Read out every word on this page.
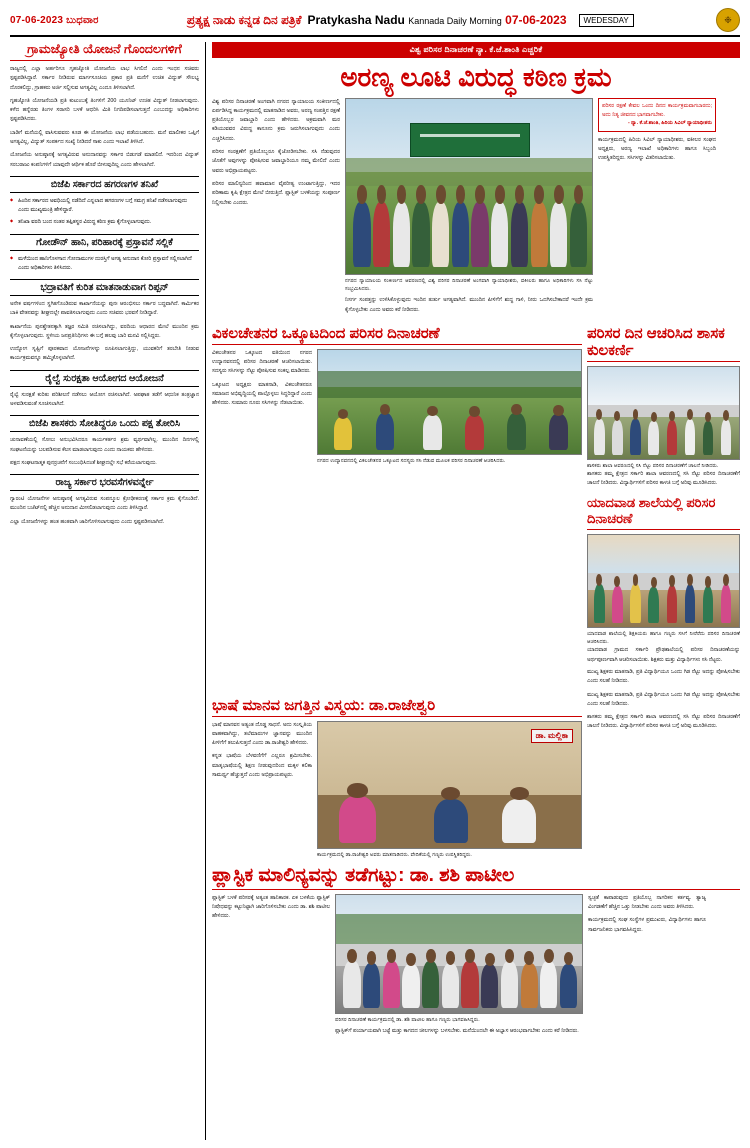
07-06-2023 ಬುಧವಾರ	ಪ್ರತ್ಯಕ್ಷ ನಾಡು ಕನ್ನಡ ದಿನ ಪತ್ರಿಕೆ Pratykasha Nadu Kannada Daily Morning 07-06-2023	WEDESDAY	❉
ಗ್ರಾಮಜ್ಯೋತಿ ಯೋಜನೆ ಗೊಂದಲಗಳಿಗೆ

ರಾಜ್ಯದಲ್ಲಿ ಎಲ್ಲಾ ಅರ್ಹರಿಗೂ ಗೃಹಜ್ಯೋತಿ ಯೋಜನೆಯ ಲಾಭ ಸಿಗಲಿದೆ ಎಂದು ಇಂಧನ ಸಚಿವರು ಸ್ಪಷ್ಟಪಡಿಸಿದ್ದಾರೆ. ಸರ್ಕಾರ ನೀಡಿರುವ ಮಾರ್ಗಸೂಚಿಯ ಪ್ರಕಾರ ಪ್ರತಿ ಮನೆಗೆ ಉಚಿತ ವಿದ್ಯುತ್ ಸೌಲಭ್ಯ ದೊರಕಲಿದ್ದು, ಗ್ರಾಹಕರು ಅರ್ಜಿ ಸಲ್ಲಿಸುವ ಅಗತ್ಯವಿಲ್ಲ ಎಂದೂ ತಿಳಿಸಲಾಗಿದೆ.

ಗೃಹಜ್ಯೋತಿ ಯೋಜನೆಯಡಿ ಪ್ರತಿ ಕುಟುಂಬಕ್ಕೆ ತಿಂಗಳಿಗೆ 200 ಯೂನಿಟ್ ಉಚಿತ ವಿದ್ಯುತ್ ನೀಡಲಾಗುವುದು. ಕಳೆದ ಹನ್ನೆರಡು ತಿಂಗಳ ಸರಾಸರಿ ಬಳಕೆ ಆಧರಿಸಿ ಮಿತಿ ನಿಗದಿಪಡಿಸಲಾಗುತ್ತದೆ ಎಂಬುದನ್ನು ಅಧಿಕಾರಿಗಳು ಸ್ಪಷ್ಟಪಡಿಸಿದರು.

ಬಾಡಿಗೆ ಮನೆಯಲ್ಲಿ ವಾಸಿಸುವವರು ಕೂಡ ಈ ಯೋಜನೆಯ ಲಾಭ ಪಡೆಯಬಹುದು. ಮನೆ ಮಾಲೀಕರ ಒಪ್ಪಿಗೆ ಅಗತ್ಯವಿಲ್ಲ, ವಿದ್ಯುತ್ ಸಂಪರ್ಕದ ಸಂಖ್ಯೆ ನೀಡಿದರೆ ಸಾಕು ಎಂದು ಇಲಾಖೆ ತಿಳಿಸಿದೆ.

ಯೋಜನೆಯ ಅನುಷ್ಠಾನಕ್ಕೆ ಅಗತ್ಯವಿರುವ ಅನುದಾನವನ್ನು ಸರ್ಕಾರ ಬಿಡುಗಡೆ ಮಾಡಲಿದೆ. ಇದರಿಂದ ವಿದ್ಯುತ್ ಸರಬರಾಜು ಕಂಪನಿಗಳಿಗೆ ಯಾವುದೇ ಆರ್ಥಿಕ ಹೊರೆ ಬೀಳುವುದಿಲ್ಲ ಎಂದು ಹೇಳಲಾಗಿದೆ.

ಬಿಜೆಪಿ ಸರ್ಕಾರದ ಹಗರಣಗಳ ತನಿಖೆ
◆ ಹಿಂದಿನ ಸರ್ಕಾರದ ಅವಧಿಯಲ್ಲಿ ನಡೆದಿದೆ ಎನ್ನಲಾದ ಹಗರಣಗಳ ಬಗ್ಗೆ ಸಮಗ್ರ ತನಿಖೆ ನಡೆಸಲಾಗುವುದು ಎಂದು ಮುಖ್ಯಮಂತ್ರಿ ಹೇಳಿದ್ದಾರೆ.
◆ ತನಿಖಾ ವರದಿ ಬಂದ ನಂತರ ತಪ್ಪಿತಸ್ಥರ ವಿರುದ್ಧ ಕಠಿಣ ಕ್ರಮ ಕೈಗೊಳ್ಳಲಾಗುವುದು.
ಗೋಡೌನ್ ಹಾನಿ, ಪರಿಹಾರಕ್ಕೆ ಪ್ರಸ್ತಾವನೆ ಸಲ್ಲಿಕೆ
◆ ಮಳೆಯಿಂದ ಹಾನಿಗೊಳಗಾದ ಗೋದಾಮುಗಳ ದುರಸ್ತಿಗೆ ಅಗತ್ಯ ಅನುದಾನ ಕೋರಿ ಪ್ರಸ್ತಾವನೆ ಸಲ್ಲಿಸಲಾಗಿದೆ ಎಂದು ಅಧಿಕಾರಿಗಳು ತಿಳಿಸಿದರು.
ಭದ್ರಾವತಿಗೆ ಕುರಿತ ಮಾತನಾಡುವಾಗ ರಿಪ್ಪನ್

ಅನೇಕ ವರ್ಷಗಳಿಂದ ಸ್ಥಗಿತಗೊಂಡಿರುವ ಕಾರ್ಖಾನೆಯನ್ನು ಪುನಃ ಆರಂಭಿಸಲು ಸರ್ಕಾರ ಬದ್ಧವಾಗಿದೆ. ಕಾರ್ಮಿಕರ ಬಾಕಿ ವೇತನವನ್ನು ಶೀಘ್ರದಲ್ಲೇ ಪಾವತಿಸಲಾಗುವುದು ಎಂದು ಸಚಿವರು ಭರವಸೆ ನೀಡಿದ್ದಾರೆ.

ಕಾರ್ಖಾನೆಯ ಪುನಶ್ಚೇತನಕ್ಕಾಗಿ ತಜ್ಞರ ಸಮಿತಿ ರಚಿಸಲಾಗಿದ್ದು, ವರದಿಯ ಆಧಾರದ ಮೇಲೆ ಮುಂದಿನ ಕ್ರಮ ಕೈಗೊಳ್ಳಲಾಗುವುದು. ಸ್ಥಳೀಯ ಜನಪ್ರತಿನಿಧಿಗಳು ಈ ಬಗ್ಗೆ ಹಲವು ಬಾರಿ ಮನವಿ ಸಲ್ಲಿಸಿದ್ದರು.

ಉದ್ಯೋಗ ಸೃಷ್ಟಿಗೆ ಪೂರಕವಾದ ಯೋಜನೆಗಳನ್ನು ರೂಪಿಸಲಾಗುತ್ತಿದ್ದು, ಯುವಕರಿಗೆ ತರಬೇತಿ ನೀಡುವ ಕಾರ್ಯಕ್ರಮವನ್ನೂ ಹಮ್ಮಿಕೊಳ್ಳಲಾಗಿದೆ.

ರೈಲ್ವೆ ಸುರಕ್ಷತಾ ಆಯೋಗದ ಆಯೋಜನೆ

ರೈಲ್ವೆ ಸುರಕ್ಷತೆ ಕುರಿತು ಪರಿಶೀಲನೆ ನಡೆಸಲು ಆಯೋಗ ರಚಿಸಲಾಗಿದೆ. ಅಪಘಾತ ತಡೆಗೆ ಆಧುನಿಕ ತಂತ್ರಜ್ಞಾನ ಅಳವಡಿಸುವಂತೆ ಸೂಚಿಸಲಾಗಿದೆ.

ಬಿಜೆಪಿ ಶಾಸಕರು ಸೋತಿದ್ದರೂ ಒಂದು ಪಕ್ಷ ತೋರಿಸಿ

ಚುನಾವಣೆಯಲ್ಲಿ ಸೋಲು ಅನುಭವಿಸಿದರೂ ಕಾರ್ಯಕರ್ತರ ಶ್ರಮ ವ್ಯರ್ಥವಾಗಿಲ್ಲ. ಮುಂದಿನ ದಿನಗಳಲ್ಲಿ ಸಂಘಟನೆಯನ್ನು ಬಲಪಡಿಸುವ ಕೆಲಸ ಮಾಡಲಾಗುವುದು ಎಂದು ನಾಯಕರು ಹೇಳಿದರು.

ಪಕ್ಷದ ಸಂಘಟನಾತ್ಮಕ ಪುನರ್ರಚನೆಗೆ ಸಂಬಂಧಿಸಿದಂತೆ ಶೀಘ್ರದಲ್ಲೇ ಸಭೆ ಕರೆಯಲಾಗುವುದು.

ರಾಜ್ಯ ಸರ್ಕಾರ ಭರವಸೆಗಳವರ್ನ್ನೇ

ಗ್ಯಾರಂಟಿ ಯೋಜನೆಗಳ ಅನುಷ್ಠಾನಕ್ಕೆ ಅಗತ್ಯವಿರುವ ಸಂಪನ್ಮೂಲ ಕ್ರೋಢೀಕರಣಕ್ಕೆ ಸರ್ಕಾರ ಕ್ರಮ ಕೈಗೊಂಡಿದೆ. ಮುಂದಿನ ಬಜೆಟ್‌ನಲ್ಲಿ ಹೆಚ್ಚಿನ ಅನುದಾನ ಮೀಸಲಿಡಲಾಗುವುದು ಎಂದು ತಿಳಿಸಿದ್ದಾರೆ.

ಎಲ್ಲಾ ಯೋಜನೆಗಳನ್ನು ಹಂತ ಹಂತವಾಗಿ ಜಾರಿಗೊಳಿಸಲಾಗುವುದು ಎಂದು ಸ್ಪಷ್ಟಪಡಿಸಲಾಗಿದೆ.

ವಿಶ್ವ ಪರಿಸರ ದಿನಾಚರಣೆ ನ್ಯಾ. ಕೆ.ಜೆ.ಶಾಂತಿ ಎಚ್ಚರಿಕೆ
ಅರಣ್ಯ ಲೂಟಿ ವಿರುದ್ಧ ಕಠಿಣ ಕ್ರಮ
ವಿಶ್ವ ಪರಿಸರ ದಿನಾಚರಣೆ ಅಂಗವಾಗಿ ನಗರದ ನ್ಯಾಯಾಲಯ ಸಂಕೀರ್ಣದಲ್ಲಿ ಏರ್ಪಡಿಸಿದ್ದ ಕಾರ್ಯಕ್ರಮದಲ್ಲಿ ಮಾತನಾಡಿದ ಅವರು, ಅರಣ್ಯ ಸಂಪತ್ತಿನ ರಕ್ಷಣೆ ಪ್ರತಿಯೊಬ್ಬರ ಜವಾಬ್ದಾರಿ ಎಂದು ಹೇಳಿದರು. ಅಕ್ರಮವಾಗಿ ಮರ ಕಡಿಯುವವರ ವಿರುದ್ಧ ಕಾನೂನು ಕ್ರಮ ಜರುಗಿಸಲಾಗುವುದು ಎಂದು ಎಚ್ಚರಿಸಿದರು.
ಪರಿಸರ ಸಂರಕ್ಷಣೆಗೆ ಪ್ರತಿಯೊಬ್ಬರೂ ಕೈಜೋಡಿಸಬೇಕು. ಸಸಿ ನೆಡುವುದರ ಜೊತೆಗೆ ಅವುಗಳನ್ನು ಪೋಷಿಸುವ ಜವಾಬ್ದಾರಿಯೂ ನಮ್ಮ ಮೇಲಿದೆ ಎಂದು ಅವರು ಅಭಿಪ್ರಾಯಪಟ್ಟರು.
ಪರಿಸರ ಮಾಲಿನ್ಯದಿಂದ ಹವಾಮಾನ ವೈಪರೀತ್ಯ ಉಂಟಾಗುತ್ತಿದ್ದು, ಇದರ ಪರಿಣಾಮ ಕೃಷಿ ಕ್ಷೇತ್ರದ ಮೇಲೆ ಬೀರುತ್ತಿದೆ. ಪ್ಲಾಸ್ಟಿಕ್ ಬಳಕೆಯನ್ನು ಸಂಪೂರ್ಣ ನಿಲ್ಲಿಸಬೇಕು ಎಂದರು.
ನಗರದ ನ್ಯಾಯಾಲಯ ಸಂಕೀರ್ಣದ ಆವರಣದಲ್ಲಿ ವಿಶ್ವ ಪರಿಸರ ದಿನಾಚರಣೆ ಅಂಗವಾಗಿ ನ್ಯಾಯಾಧೀಶರು, ವಕೀಲರು ಹಾಗೂ ಅಧಿಕಾರಿಗಳು ಸಸಿ ನೆಟ್ಟು ಸಂಭ್ರಮಿಸಿದರು.
ನಿಸರ್ಗ ಸಂಪತ್ತನ್ನು ಉಳಿಸಿಕೊಳ್ಳುವುದು ಇಂದಿನ ತುರ್ತು ಅಗತ್ಯವಾಗಿದೆ. ಮುಂದಿನ ಪೀಳಿಗೆಗೆ ಶುದ್ಧ ಗಾಳಿ, ನೀರು ಒದಗಿಸಬೇಕಾದರೆ ಇಂದೇ ಕ್ರಮ ಕೈಗೊಳ್ಳಬೇಕು ಎಂದು ಅವರು ಕರೆ ನೀಡಿದರು.
ಪರಿಸರ ರಕ್ಷಣೆ ಕೇವಲ ಒಂದು ದಿನದ ಕಾರ್ಯಕ್ರಮವಾಗಬಾರದು; ಅದು ನಿತ್ಯ ಜೀವನದ ಭಾಗವಾಗಬೇಕು.
- ನ್ಯಾ. ಕೆ.ಜೆ.ಶಾಂತಿ, ಹಿರಿಯ ಸಿವಿಲ್ ನ್ಯಾಯಾಧೀಶರು
ಕಾರ್ಯಕ್ರಮದಲ್ಲಿ ಹಿರಿಯ ಸಿವಿಲ್ ನ್ಯಾಯಾಧೀಶರು, ವಕೀಲರ ಸಂಘದ ಅಧ್ಯಕ್ಷರು, ಅರಣ್ಯ ಇಲಾಖೆ ಅಧಿಕಾರಿಗಳು ಹಾಗೂ ಸಿಬ್ಬಂದಿ ಉಪಸ್ಥಿತರಿದ್ದರು. ಸಸಿಗಳನ್ನು ವಿತರಿಸಲಾಯಿತು.
ವಿಕಲಚೇತನರ ಒಕ್ಕೂಟದಿಂದ ಪರಿಸರ ದಿನಾಚರಣೆ
ವಿಕಲಚೇತನರ ಒಕ್ಕೂಟದ ವತಿಯಿಂದ ನಗರದ ಉದ್ಯಾನವನದಲ್ಲಿ ಪರಿಸರ ದಿನಾಚರಣೆ ಆಚರಿಸಲಾಯಿತು. ಸದಸ್ಯರು ಸಸಿಗಳನ್ನು ನೆಟ್ಟು ಪೋಷಿಸುವ ಸಂಕಲ್ಪ ಮಾಡಿದರು.
ಒಕ್ಕೂಟದ ಅಧ್ಯಕ್ಷರು ಮಾತನಾಡಿ, ವಿಕಲಚೇತನರೂ ಸಮಾಜದ ಅಭಿವೃದ್ಧಿಯಲ್ಲಿ ಪಾಲ್ಗೊಳ್ಳಲು ಸಿದ್ಧರಿದ್ದಾರೆ ಎಂದು ಹೇಳಿದರು. ಸುಮಾರು ನೂರು ಸಸಿಗಳನ್ನು ನೆಡಲಾಯಿತು.
ನಗರದ ಉದ್ಯಾನವನದಲ್ಲಿ ವಿಕಲಚೇತನರ ಒಕ್ಕೂಟದ ಸದಸ್ಯರು ಸಸಿ ನೆಡುವ ಮೂಲಕ ಪರಿಸರ ದಿನಾಚರಣೆ ಆಚರಿಸಿದರು.
ಪರಿಸರ ದಿನ ಆಚರಿಸಿದ ಶಾಸಕ ಕುಲಕರ್ಣಿ
ಶಾಸಕರು ಶಾಲಾ ಆವರಣದಲ್ಲಿ ಸಸಿ ನೆಟ್ಟು ಪರಿಸರ ದಿನಾಚರಣೆಗೆ ಚಾಲನೆ ನೀಡಿದರು.
ಶಾಸಕರು ತಮ್ಮ ಕ್ಷೇತ್ರದ ಸರ್ಕಾರಿ ಶಾಲಾ ಆವರಣದಲ್ಲಿ ಸಸಿ ನೆಟ್ಟು ಪರಿಸರ ದಿನಾಚರಣೆಗೆ ಚಾಲನೆ ನೀಡಿದರು. ವಿದ್ಯಾರ್ಥಿಗಳಿಗೆ ಪರಿಸರ ಕಾಳಜಿ ಬಗ್ಗೆ ಅರಿವು ಮೂಡಿಸಿದರು.
ಯಾದವಾಡ ಶಾಲೆಯಲ್ಲಿ ಪರಿಸರ ದಿನಾಚರಣೆ
ಯಾದವಾಡ ಶಾಲೆಯಲ್ಲಿ ಶಿಕ್ಷಕಿಯರು ಹಾಗೂ ಗಣ್ಯರು ಸಸಿಗೆ ನೀರೆರೆದು ಪರಿಸರ ದಿನಾಚರಣೆ ಆಚರಿಸಿದರು.
ಯಾದವಾಡ ಗ್ರಾಮದ ಸರ್ಕಾರಿ ಪ್ರೌಢಶಾಲೆಯಲ್ಲಿ ಪರಿಸರ ದಿನಾಚರಣೆಯನ್ನು ಅರ್ಥಪೂರ್ಣವಾಗಿ ಆಚರಿಸಲಾಯಿತು. ಶಿಕ್ಷಕರು ಮತ್ತು ವಿದ್ಯಾರ್ಥಿಗಳು ಸಸಿ ನೆಟ್ಟರು.
ಮುಖ್ಯ ಶಿಕ್ಷಕರು ಮಾತನಾಡಿ, ಪ್ರತಿ ವಿದ್ಯಾರ್ಥಿಯೂ ಒಂದು ಗಿಡ ನೆಟ್ಟು ಅದನ್ನು ಪೋಷಿಸಬೇಕು ಎಂದು ಸಲಹೆ ನೀಡಿದರು.
ಭಾಷೆ ಮಾನವ ಜಗತ್ತಿನ ವಿಸ್ಮಯ: ಡಾ.ರಾಜೇಶ್ವರಿ
ಭಾಷೆ ಮಾನವನ ಅತ್ಯಂತ ದೊಡ್ಡ ಸಾಧನೆ. ಅದು ಸಂಸ್ಕೃತಿಯ ವಾಹಕವಾಗಿದ್ದು, ತಲೆಮಾರುಗಳ ಜ್ಞಾನವನ್ನು ಮುಂದಿನ ಪೀಳಿಗೆಗೆ ತಲುಪಿಸುತ್ತದೆ ಎಂದು ಡಾ.ರಾಜೇಶ್ವರಿ ಹೇಳಿದರು.
ಕನ್ನಡ ಭಾಷೆಯ ಬೆಳವಣಿಗೆಗೆ ಎಲ್ಲರೂ ಶ್ರಮಿಸಬೇಕು. ಮಾತೃಭಾಷೆಯಲ್ಲಿ ಶಿಕ್ಷಣ ನೀಡುವುದರಿಂದ ಮಕ್ಕಳ ಕಲಿಕಾ ಸಾಮರ್ಥ್ಯ ಹೆಚ್ಚುತ್ತದೆ ಎಂದು ಅಭಿಪ್ರಾಯಪಟ್ಟರು.
ಡಾ. ಮಲ್ಲಿಕಾ
ಕಾರ್ಯಕ್ರಮದಲ್ಲಿ ಡಾ.ರಾಜೇಶ್ವರಿ ಅವರು ಮಾತನಾಡಿದರು. ವೇದಿಕೆಯಲ್ಲಿ ಗಣ್ಯರು ಉಪಸ್ಥಿತರಿದ್ದರು.
ಮುಖ್ಯ ಶಿಕ್ಷಕರು ಮಾತನಾಡಿ, ಪ್ರತಿ ವಿದ್ಯಾರ್ಥಿಯೂ ಒಂದು ಗಿಡ ನೆಟ್ಟು ಅದನ್ನು ಪೋಷಿಸಬೇಕು ಎಂದು ಸಲಹೆ ನೀಡಿದರು.
ಶಾಸಕರು ತಮ್ಮ ಕ್ಷೇತ್ರದ ಸರ್ಕಾರಿ ಶಾಲಾ ಆವರಣದಲ್ಲಿ ಸಸಿ ನೆಟ್ಟು ಪರಿಸರ ದಿನಾಚರಣೆಗೆ ಚಾಲನೆ ನೀಡಿದರು. ವಿದ್ಯಾರ್ಥಿಗಳಿಗೆ ಪರಿಸರ ಕಾಳಜಿ ಬಗ್ಗೆ ಅರಿವು ಮೂಡಿಸಿದರು.
ಪ್ಲಾಸ್ಟಿಕ ಮಾಲಿನ್ಯವನ್ನು ತಡೆಗಟ್ಟು: ಡಾ. ಶಶಿ ಪಾಟೀಲ
ಪ್ಲಾಸ್ಟಿಕ್ ಬಳಕೆ ಪರಿಸರಕ್ಕೆ ಅತ್ಯಂತ ಹಾನಿಕಾರಕ. ಏಕ ಬಳಕೆಯ ಪ್ಲಾಸ್ಟಿಕ್ ನಿಷೇಧವನ್ನು ಕಟ್ಟುನಿಟ್ಟಾಗಿ ಜಾರಿಗೊಳಿಸಬೇಕು ಎಂದು ಡಾ. ಶಶಿ ಪಾಟೀಲ ಹೇಳಿದರು.
ಪರಿಸರ ದಿನಾಚರಣೆ ಕಾರ್ಯಕ್ರಮದಲ್ಲಿ ಡಾ. ಶಶಿ ಪಾಟೀಲ ಹಾಗೂ ಗಣ್ಯರು ಭಾಗವಹಿಸಿದ್ದರು.
ಪ್ಲಾಸ್ಟಿಕ್‌ಗೆ ಪರ್ಯಾಯವಾಗಿ ಬಟ್ಟೆ ಮತ್ತು ಕಾಗದದ ಚೀಲಗಳನ್ನು ಬಳಸಬೇಕು. ಮನೆಯಿಂದಲೇ ಈ ಅಭ್ಯಾಸ ಆರಂಭವಾಗಬೇಕು ಎಂದು ಕರೆ ನೀಡಿದರು.
ಸ್ವಚ್ಛತೆ ಕಾಪಾಡುವುದು ಪ್ರತಿಯೊಬ್ಬ ನಾಗರಿಕನ ಕರ್ತವ್ಯ. ತ್ಯಾಜ್ಯ ವಿಂಗಡಣೆಗೆ ಹೆಚ್ಚಿನ ಒತ್ತು ನೀಡಬೇಕು ಎಂದು ಅವರು ತಿಳಿಸಿದರು.
ಕಾರ್ಯಕ್ರಮದಲ್ಲಿ ಸಂಘ ಸಂಸ್ಥೆಗಳ ಪ್ರಮುಖರು, ವಿದ್ಯಾರ್ಥಿಗಳು ಹಾಗೂ ಸಾರ್ವಜನಿಕರು ಭಾಗವಹಿಸಿದ್ದರು.
